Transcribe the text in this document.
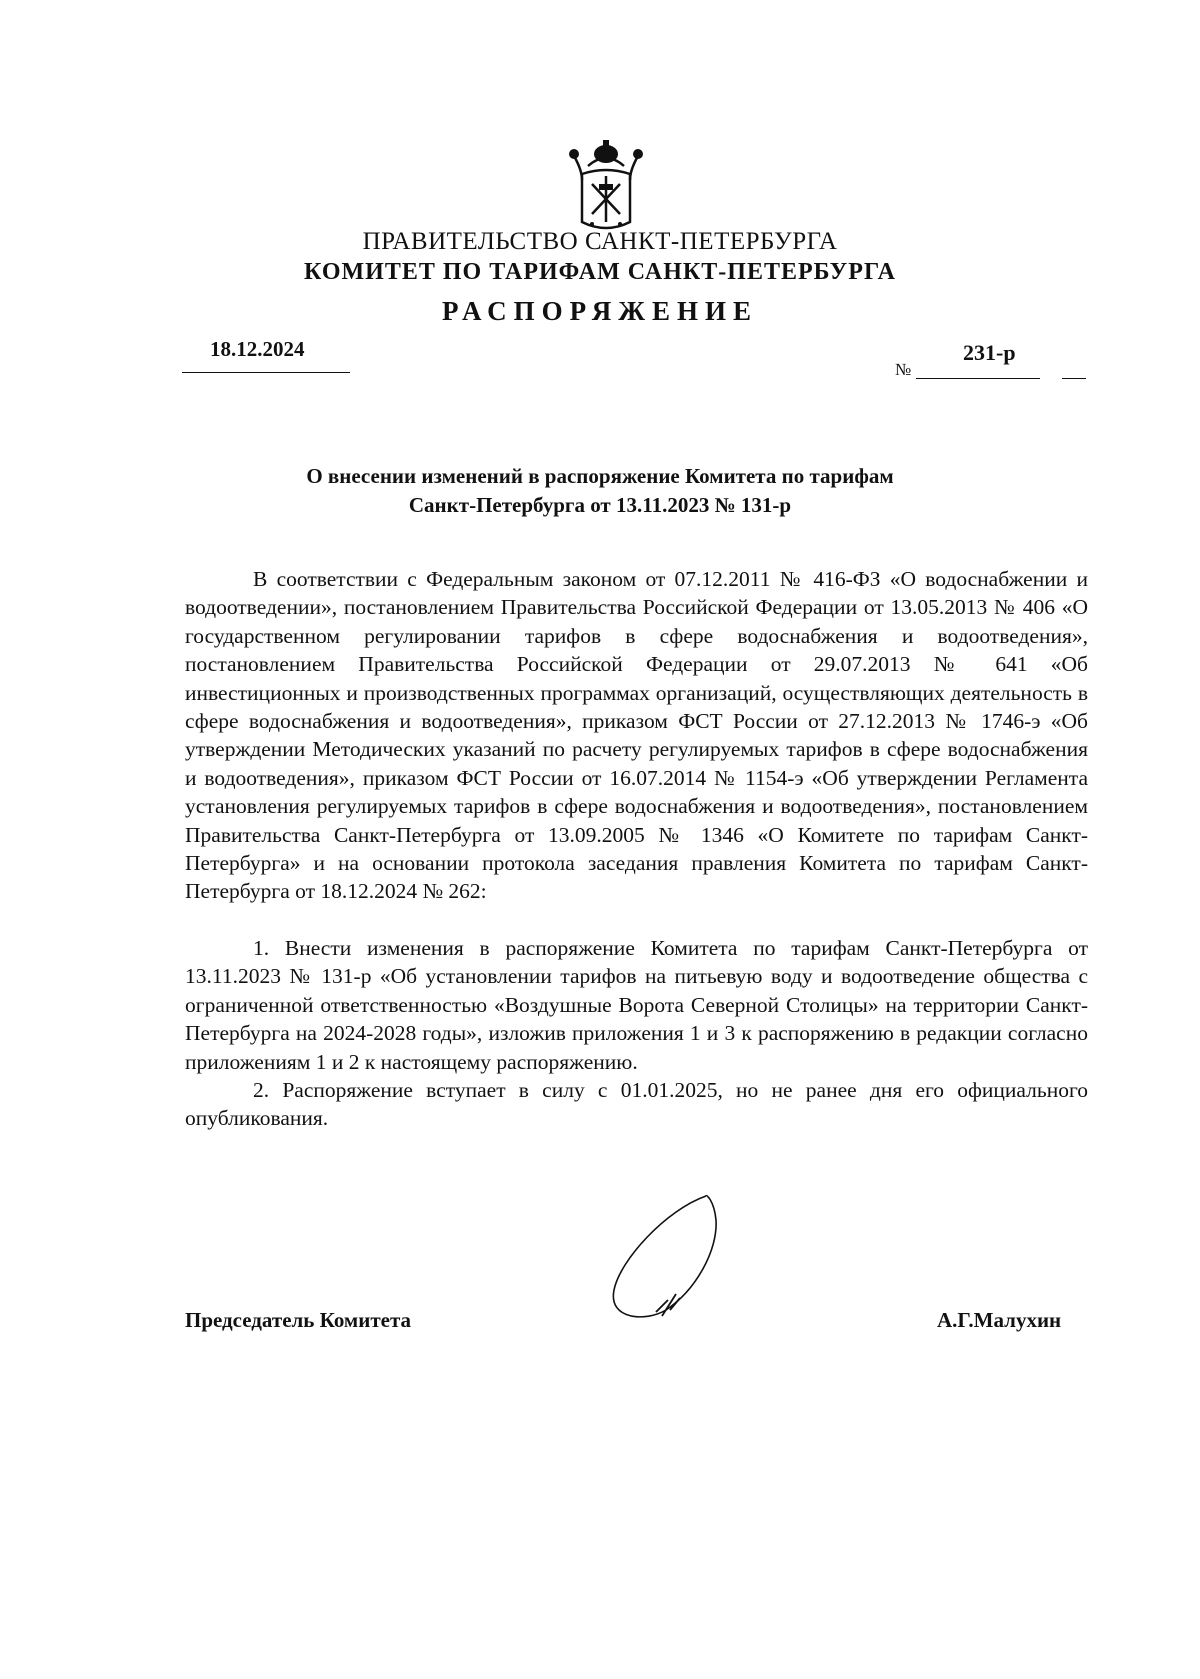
ПРАВИТЕЛЬСТВО САНКТ-ПЕТЕРБУРГА
КОМИТЕТ ПО ТАРИФАМ САНКТ-ПЕТЕРБУРГА
РАСПОРЯЖЕНИЕ
18.12.2024
№
231-р
О внесении изменений в распоряжение Комитета по тарифам
Санкт-Петербурга от 13.11.2023 № 131-р

В соответствии с Федеральным законом от 07.12.2011 № 416-ФЗ «О водоснабжении и водоотведении», постановлением Правительства Российской Федерации от 13.05.2013 № 406 «О государственном регулировании тарифов в сфере водоснабжения и водоотведения», постановлением Правительства Российской Федерации от 29.07.2013 № 641 «Об инвестиционных и производственных программах организаций, осуществляющих деятельность в сфере водоснабжения и водоотведения», приказом ФСТ России от 27.12.2013 № 1746-э «Об утверждении Методических указаний по расчету регулируемых тарифов в сфере водоснабжения и водоотведения», приказом ФСТ России от 16.07.2014 № 1154-э «Об утверждении Регламента установления регулируемых тарифов в сфере водоснабжения и водоотведения», постановлением Правительства Санкт-Петербурга от 13.09.2005 № 1346 «О Комитете по тарифам Санкт-Петербурга» и на основании протокола заседания правления Комитета по тарифам Санкт-Петербурга от 18.12.2024 № 262:

1. Внести изменения в распоряжение Комитета по тарифам Санкт-Петербурга от 13.11.2023 № 131-р «Об установлении тарифов на питьевую воду и водоотведение общества с ограниченной ответственностью «Воздушные Ворота Северной Столицы» на территории Санкт-Петербурга на 2024-2028 годы», изложив приложения 1 и 3 к распоряжению в редакции согласно приложениям 1 и 2 к настоящему распоряжению.

2. Распоряжение вступает в силу с 01.01.2025, но не ранее дня его официального опубликования.

Председатель Комитета	А.Г.Малухин
